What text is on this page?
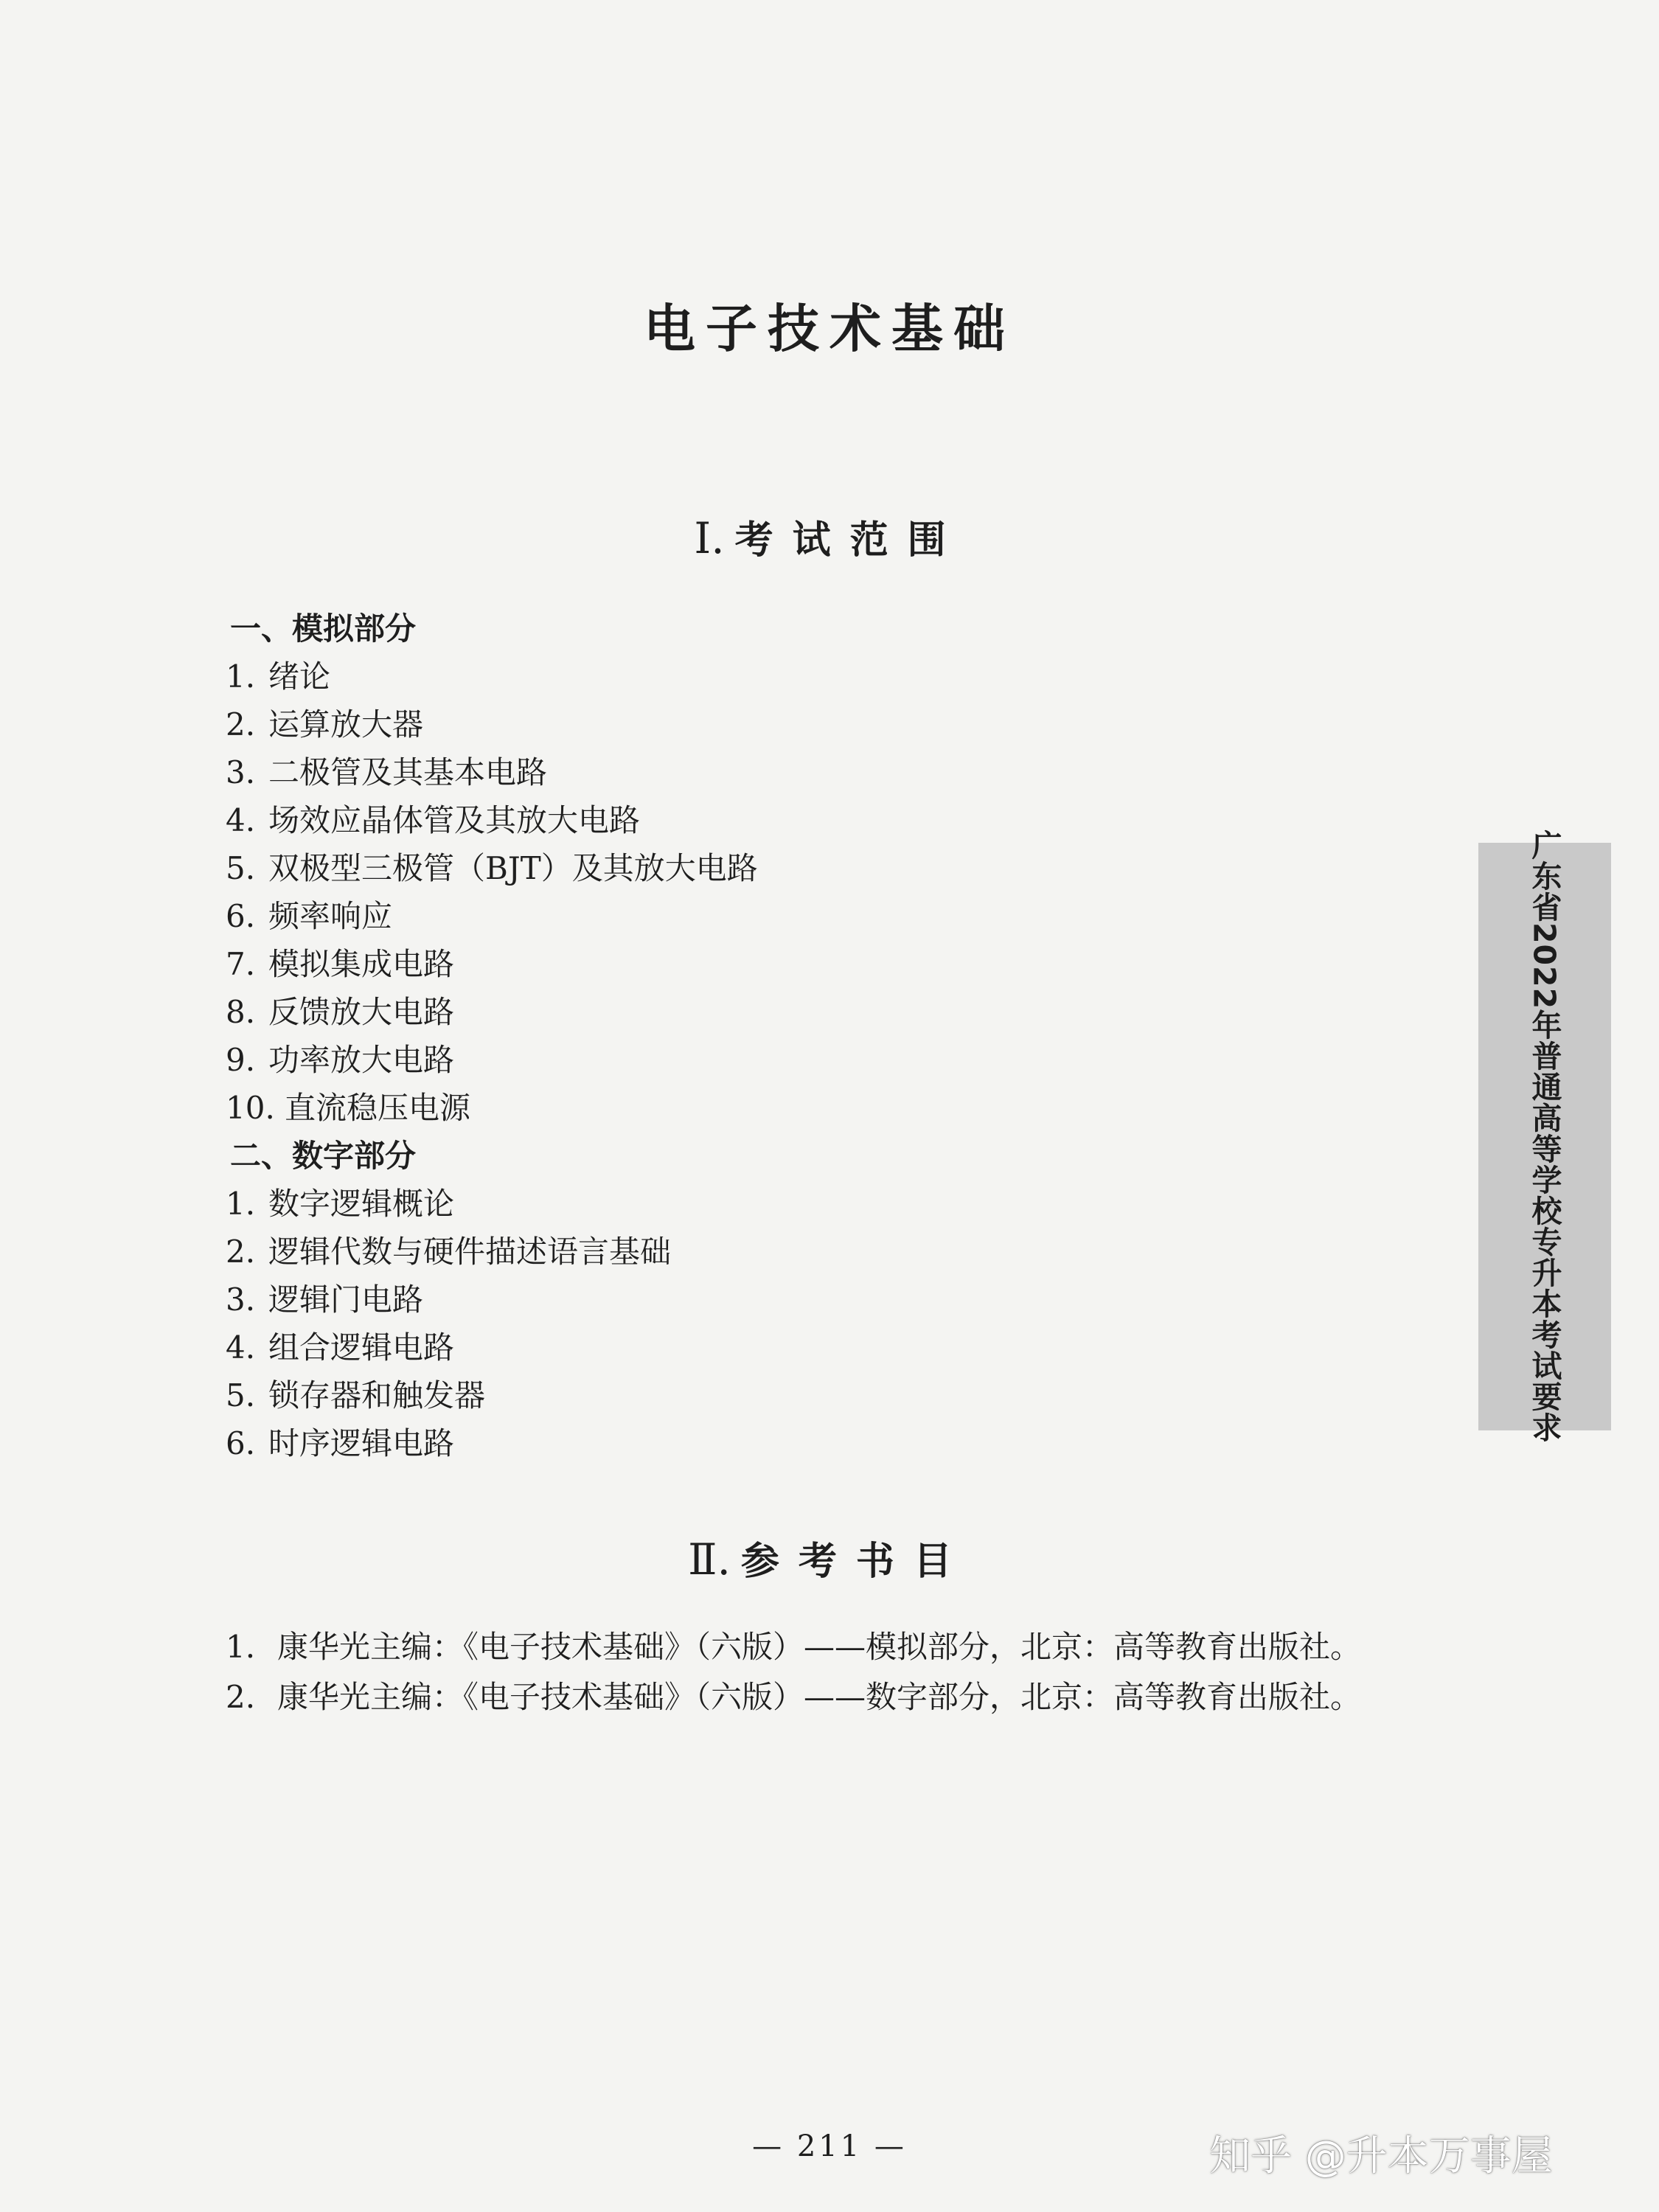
电子技术基础
Ⅰ. 考试范围
一、模拟部分
1. 绪论
2. 运算放大器
3. 二极管及其基本电路
4. 场效应晶体管及其放大电路
5. 双极型三极管（BJT）及其放大电路
6. 频率响应
7. 模拟集成电路
8. 反馈放大电路
9. 功率放大电路
10. 直流稳压电源
二、数字部分
1. 数字逻辑概论
2. 逻辑代数与硬件描述语言基础
3. 逻辑门电路
4. 组合逻辑电路
5. 锁存器和触发器
6. 时序逻辑电路
Ⅱ. 参考书目
1. 康华光主编：《电子技术基础》（六版）——模拟部分，北京：高等教育出版社。
2. 康华光主编：《电子技术基础》（六版）——数字部分，北京：高等教育出版社。
广东省2022年普通高等学校专升本考试要求
— 211 —	知乎 @升本万事屋
